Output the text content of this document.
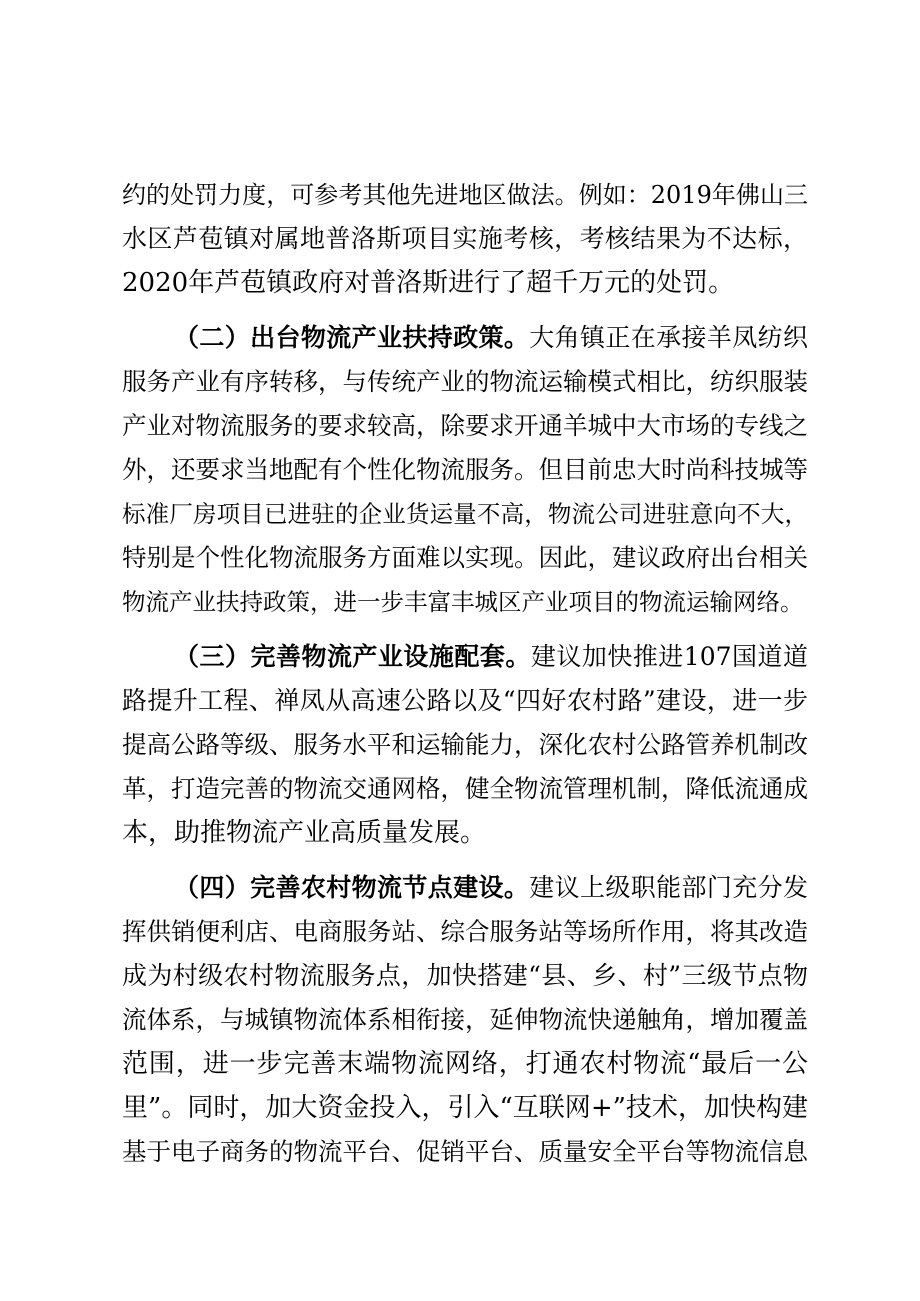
约的处罚力度，可参考其他先进地区做法。例如：2019年佛山三
水区芦苞镇对属地普洛斯项目实施考核，考核结果为不达标，
2020年芦苞镇政府对普洛斯进行了超千万元的处罚。
（二）出台物流产业扶持政策。大角镇正在承接羊凤纺织
服务产业有序转移，与传统产业的物流运输模式相比，纺织服装
产业对物流服务的要求较高，除要求开通羊城中大市场的专线之
外，还要求当地配有个性化物流服务。但目前忠大时尚科技城等
标准厂房项目已进驻的企业货运量不高，物流公司进驻意向不大，
特别是个性化物流服务方面难以实现。因此，建议政府出台相关
物流产业扶持政策，进一步丰富丰城区产业项目的物流运输网络。
（三）完善物流产业设施配套。建议加快推进107国道道
路提升工程、禅凤从高速公路以及“四好农村路”建设，进一步
提高公路等级、服务水平和运输能力，深化农村公路管养机制改
革，打造完善的物流交通网格，健全物流管理机制，降低流通成
本，助推物流产业高质量发展。
（四）完善农村物流节点建设。建议上级职能部门充分发
挥供销便利店、电商服务站、综合服务站等场所作用，将其改造
成为村级农村物流服务点，加快搭建“县、乡、村”三级节点物
流体系，与城镇物流体系相衔接，延伸物流快递触角，增加覆盖
范围，进一步完善末端物流网络，打通农村物流“最后一公
里”。同时，加大资金投入，引入“互联网+”技术，加快构建
基于电子商务的物流平台、促销平台、质量安全平台等物流信息
